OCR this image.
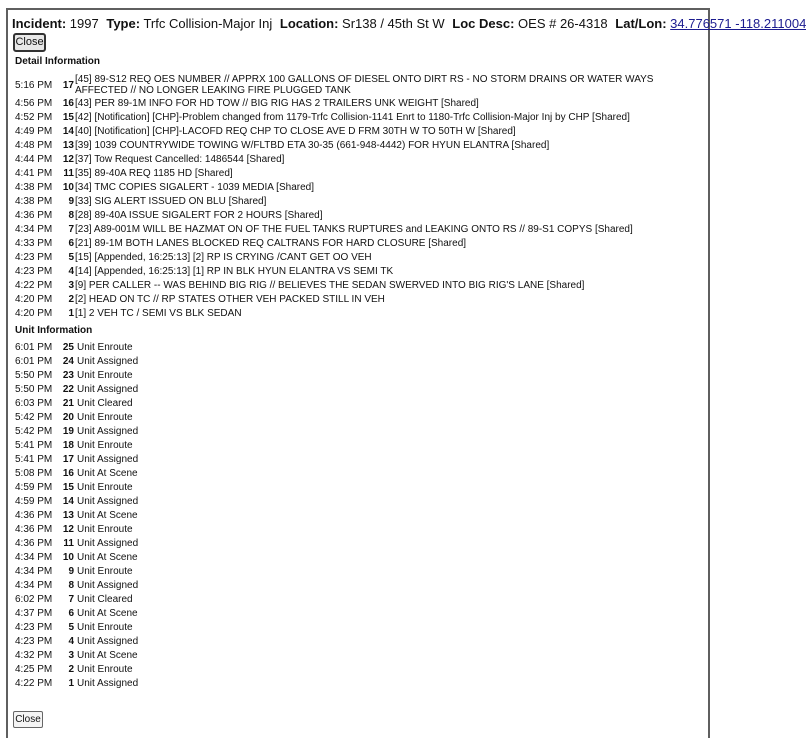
Incident: 1997 Type: Trfc Collision-Major Inj Location: Sr138 / 45th St W Loc Desc: OES # 26-4318 Lat/Lon: 34.776571 -118.211004
Close
Detail Information
5:16 PM	17 [45] 89-S12 REQ OES NUMBER // APPRX 100 GALLONS OF DIESEL ONTO DIRT RS - NO STORM DRAINS OR WATER WAYS AFFECTED // NO LONGER LEAKING FIRE PLUGGED TANK
4:56 PM	16 [43] PER 89-1M INFO FOR HD TOW // BIG RIG HAS 2 TRAILERS UNK WEIGHT [Shared]
4:52 PM	15 [42] [Notification] [CHP]-Problem changed from 1179-Trfc Collision-1141 Enrt to 1180-Trfc Collision-Major Inj by CHP [Shared]
4:49 PM	14 [40] [Notification] [CHP]-LACOFD REQ CHP TO CLOSE AVE D FRM 30TH W TO 50TH W [Shared]
4:48 PM	13 [39] 1039 COUNTRYWIDE TOWING W/FLTBD ETA 30-35 (661-948-4442) FOR HYUN ELANTRA [Shared]
4:44 PM	12 [37] Tow Request Cancelled: 1486544 [Shared]
4:41 PM	11 [35] 89-40A REQ 1185 HD [Shared]
4:38 PM	10 [34] TMC COPIES SIGALERT - 1039 MEDIA [Shared]
4:38 PM	9 [33] SIG ALERT ISSUED ON BLU [Shared]
4:36 PM	8 [28] 89-40A ISSUE SIGALERT FOR 2 HOURS [Shared]
4:34 PM	7 [23] A89-001M WILL BE HAZMAT ON OF THE FUEL TANKS RUPTURES and LEAKING ONTO RS // 89-S1 COPYS [Shared]
4:33 PM	6 [21] 89-1M BOTH LANES BLOCKED REQ CALTRANS FOR HARD CLOSURE [Shared]
4:23 PM	5 [15] [Appended, 16:25:13] [2] RP IS CRYING /CANT GET OO VEH
4:23 PM	4 [14] [Appended, 16:25:13] [1] RP IN BLK HYUN ELANTRA VS SEMI TK
4:22 PM	3 [9] PER CALLER -- WAS BEHIND BIG RIG // BELIEVES THE SEDAN SWERVED INTO BIG RIG'S LANE [Shared]
4:20 PM	2 [2] HEAD ON TC // RP STATES OTHER VEH PACKED STILL IN VEH
4:20 PM	1 [1] 2 VEH TC / SEMI VS BLK SEDAN
Unit Information
6:01 PM	25 Unit Enroute
6:01 PM	24 Unit Assigned
5:50 PM	23 Unit Enroute
5:50 PM	22 Unit Assigned
6:03 PM	21 Unit Cleared
5:42 PM	20 Unit Enroute
5:42 PM	19 Unit Assigned
5:41 PM	18 Unit Enroute
5:41 PM	17 Unit Assigned
5:08 PM	16 Unit At Scene
4:59 PM	15 Unit Enroute
4:59 PM	14 Unit Assigned
4:36 PM	13 Unit At Scene
4:36 PM	12 Unit Enroute
4:36 PM	11 Unit Assigned
4:34 PM	10 Unit At Scene
4:34 PM	9 Unit Enroute
4:34 PM	8 Unit Assigned
6:02 PM	7 Unit Cleared
4:37 PM	6 Unit At Scene
4:23 PM	5 Unit Enroute
4:23 PM	4 Unit Assigned
4:32 PM	3 Unit At Scene
4:25 PM	2 Unit Enroute
4:22 PM	1 Unit Assigned
Close
